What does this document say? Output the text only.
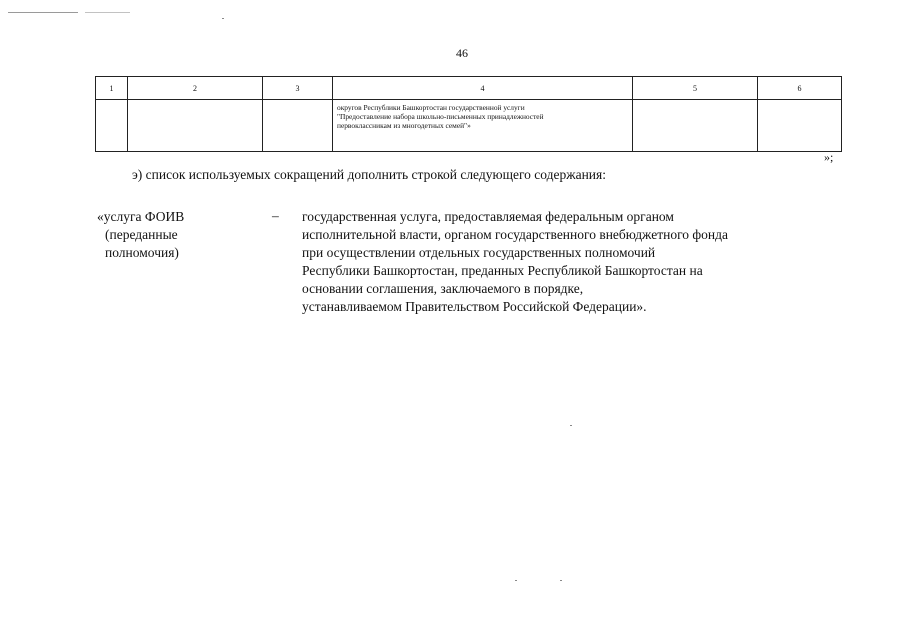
46
1	2	3	4	5	6

			округов Республики Башкортостан государственной услуги
"Предоставление набора школьно-письменных принадлежностей
первоклассникам из многодетных семей"»		

»;
э) список используемых сокращений дополнить строкой следующего содержания:
«услуга ФОИВ
(переданные
полномочия)
– государственная услуга, предоставляемая федеральным органом
исполнительной власти, органом государственного внебюджетного фонда
при осуществлении отдельных государственных полномочий
Республики Башкортостан, преданных Республикой Башкортостан на
основании соглашения, заключаемого в порядке,
устанавливаемом Правительством Российской Федерации».
